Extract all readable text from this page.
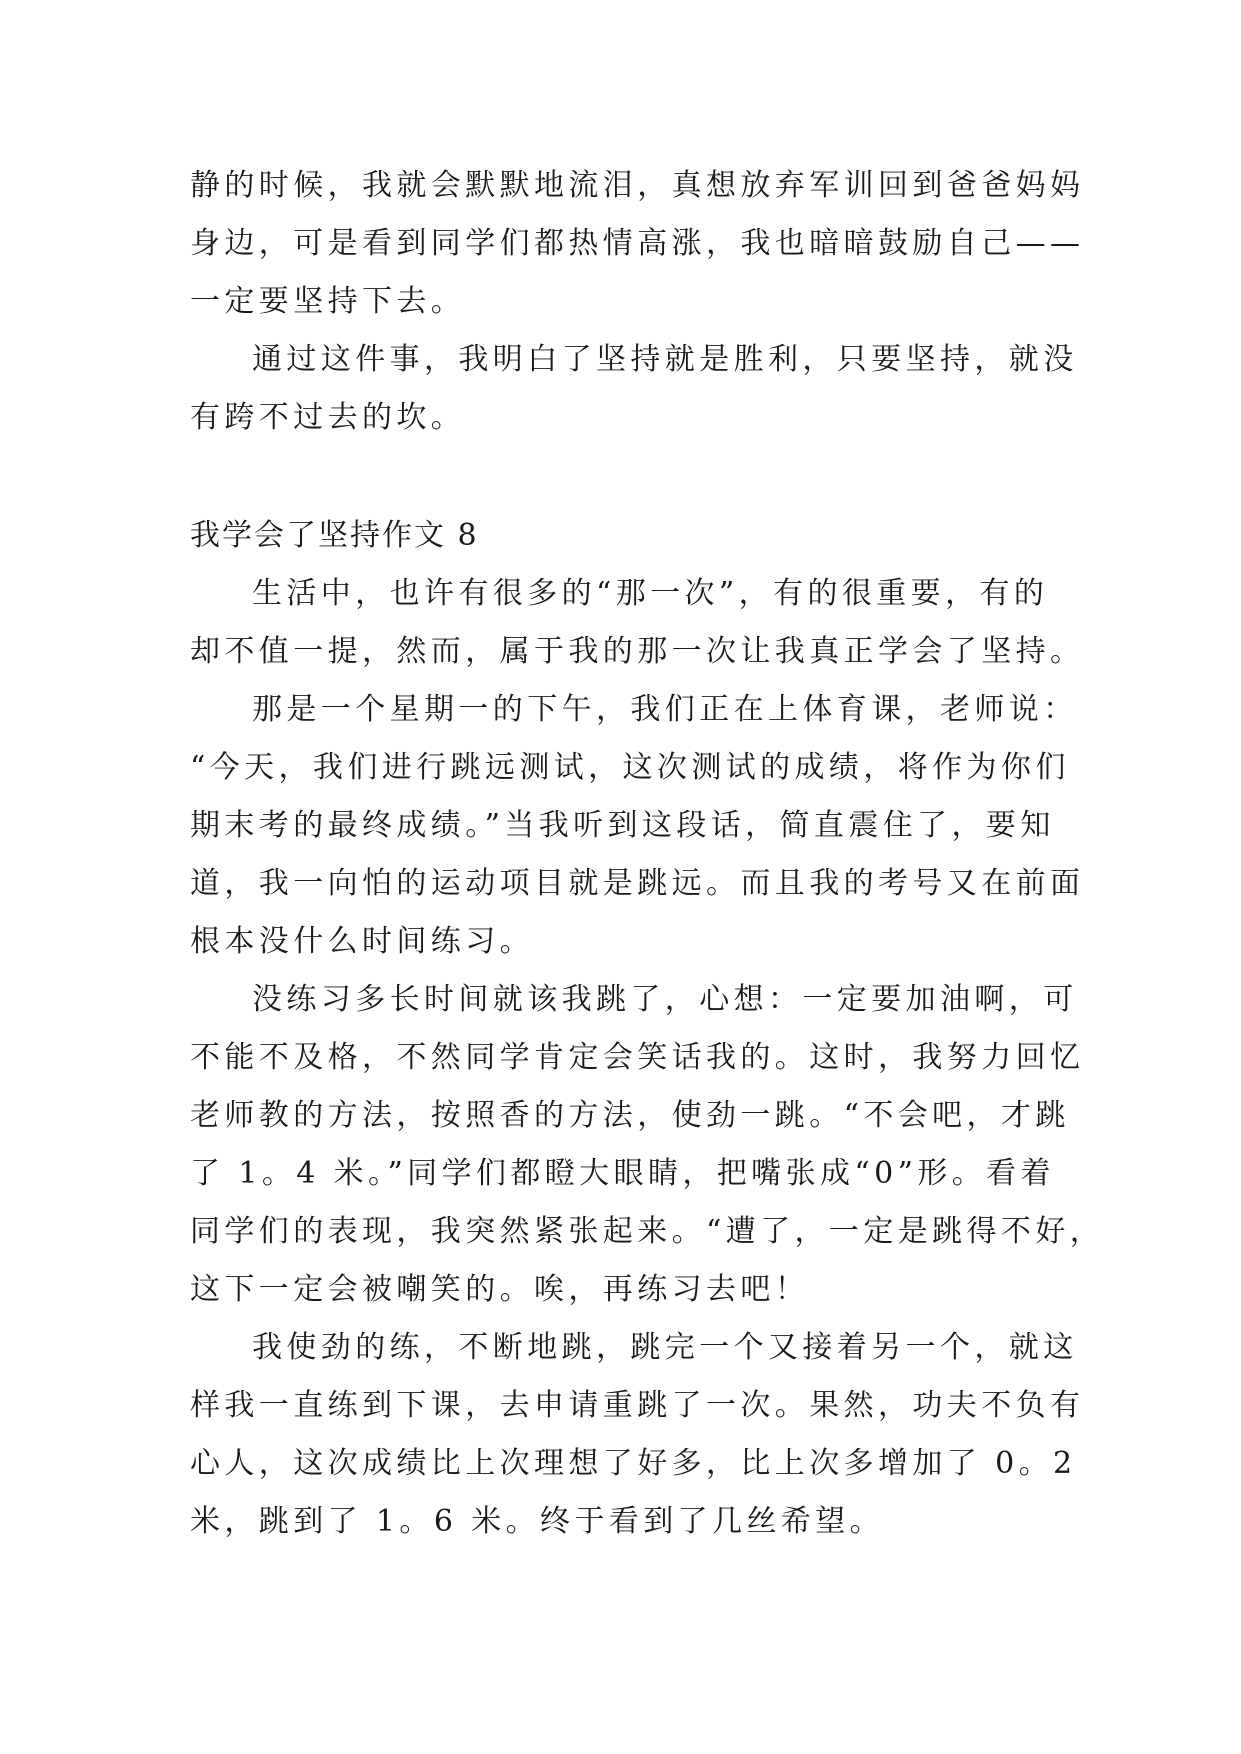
静的时候，我就会默默地流泪，真想放弃军训回到爸爸妈妈
身边，可是看到同学们都热情高涨，我也暗暗鼓励自己——
一定要坚持下去。
通过这件事，我明白了坚持就是胜利，只要坚持，就没
有跨不过去的坎。
我学会了坚持作文 8
生活中，也许有很多的“那一次”，有的很重要，有的
却不值一提，然而，属于我的那一次让我真正学会了坚持。
那是一个星期一的下午，我们正在上体育课，老师说：
“今天，我们进行跳远测试，这次测试的成绩，将作为你们
期末考的最终成绩。”当我听到这段话，简直震住了，要知
道，我一向怕的运动项目就是跳远。而且我的考号又在前面
根本没什么时间练习。
没练习多长时间就该我跳了，心想：一定要加油啊，可
不能不及格，不然同学肯定会笑话我的。这时，我努力回忆
老师教的方法，按照香的方法，使劲一跳。“不会吧，才跳
了 1。4 米。”同学们都瞪大眼睛，把嘴张成“0”形。看着
同学们的表现，我突然紧张起来。“遭了，一定是跳得不好，
这下一定会被嘲笑的。唉，再练习去吧！
我使劲的练，不断地跳，跳完一个又接着另一个，就这
样我一直练到下课，去申请重跳了一次。果然，功夫不负有
心人，这次成绩比上次理想了好多，比上次多增加了 0。2
米，跳到了 1。6 米。终于看到了几丝希望。
